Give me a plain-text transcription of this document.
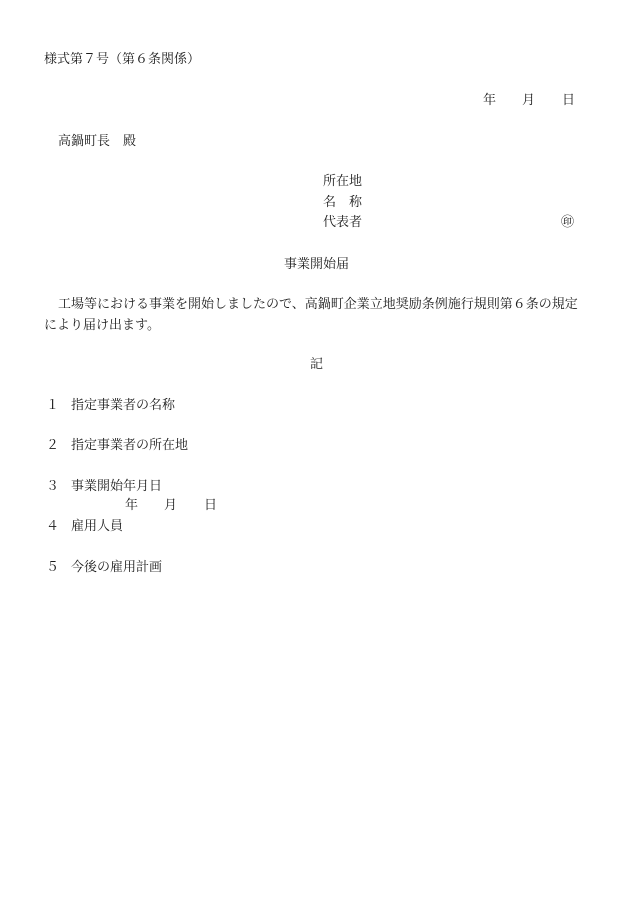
様式第７号（第６条関係）
年 月 日
高鍋町長　殿
所在地
名　称
代表者	㊞
事業開始届
工場等における事業を開始しましたので、高鍋町企業立地奨励条例施行規則第６条の規定
により届け出ます。
記
１ 指定事業者の名称
２ 指定事業者の所在地
３ 事業開始年月日
年 月 日
４ 雇用人員
５ 今後の雇用計画
